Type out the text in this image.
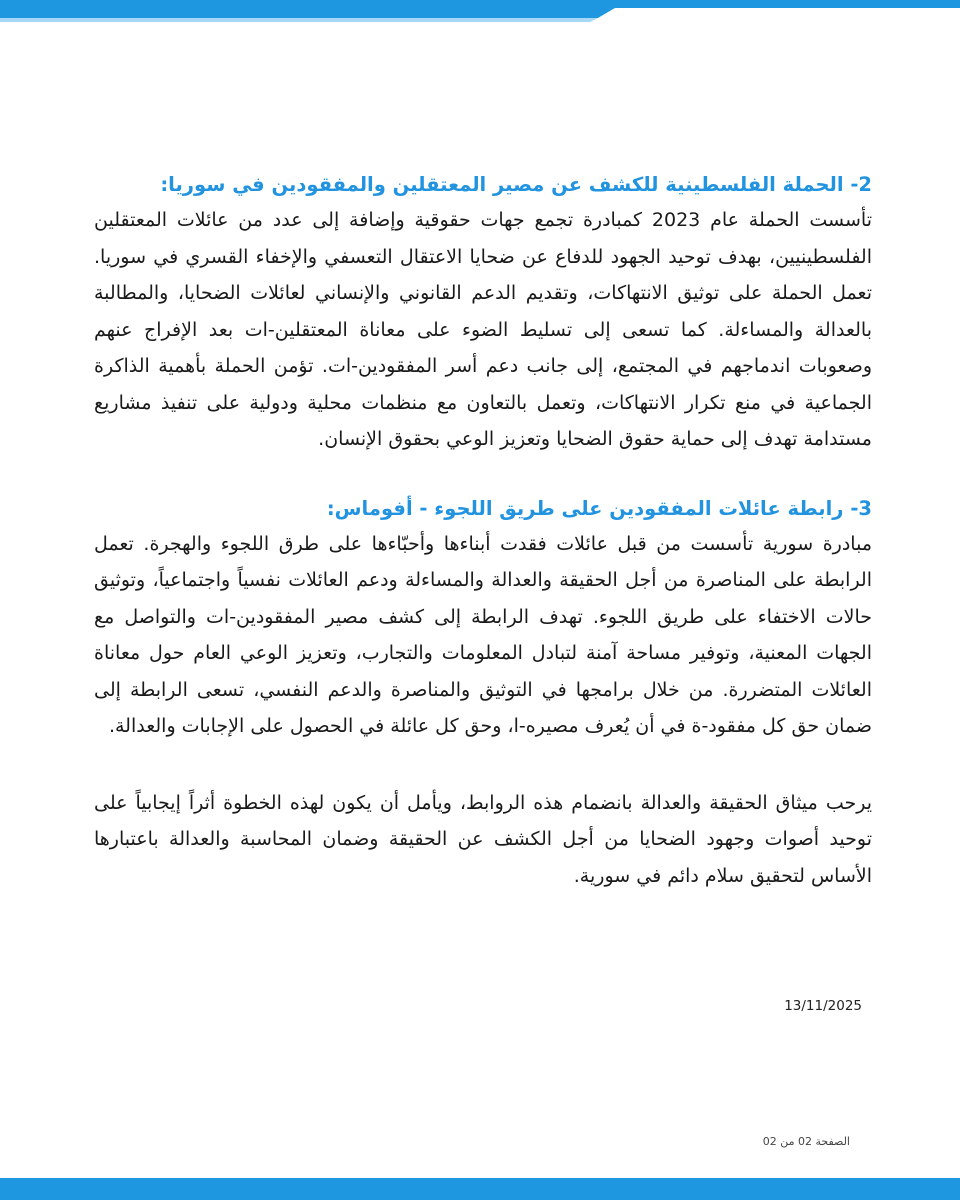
2- الحملة الفلسطينية للكشف عن مصير المعتقلين والمفقودين في سوريا:

تأسست الحملة عام 2023 كمبادرة تجمع جهات حقوقية وإضافة إلى عدد من عائلات المعتقلين الفلسطينيين، بهدف توحيد الجهود للدفاع عن ضحايا الاعتقال التعسفي والإخفاء القسري في سوريا. تعمل الحملة على توثيق الانتهاكات، وتقديم الدعم القانوني والإنساني لعائلات الضحايا، والمطالبة بالعدالة والمساءلة. كما تسعى إلى تسليط الضوء على معاناة المعتقلين-ات بعد الإفراج عنهم وصعوبات اندماجهم في المجتمع، إلى جانب دعم أسر المفقودين-ات. تؤمن الحملة بأهمية الذاكرة الجماعية في منع تكرار الانتهاكات، وتعمل بالتعاون مع منظمات محلية ودولية على تنفيذ مشاريع مستدامة تهدف إلى حماية حقوق الضحايا وتعزيز الوعي بحقوق الإنسان.

3- رابطة عائلات المفقودين على طريق اللجوء - أفوماس:

مبادرة سورية تأسست من قبل عائلات فقدت أبناءها وأحبّاءها على طرق اللجوء والهجرة. تعمل الرابطة على المناصرة من أجل الحقيقة والعدالة والمساءلة ودعم العائلات نفسياً واجتماعياً، وتوثيق حالات الاختفاء على طريق اللجوء. تهدف الرابطة إلى كشف مصير المفقودين-ات والتواصل مع الجهات المعنية، وتوفير مساحة آمنة لتبادل المعلومات والتجارب، وتعزيز الوعي العام حول معاناة العائلات المتضررة. من خلال برامجها في التوثيق والمناصرة والدعم النفسي، تسعى الرابطة إلى ضمان حق كل مفقود-ة في أن يُعرف مصيره-ا، وحق كل عائلة في الحصول على الإجابات والعدالة.

يرحب ميثاق الحقيقة والعدالة بانضمام هذه الروابط، ويأمل أن يكون لهذه الخطوة أثراً إيجابياً على توحيد أصوات وجهود الضحايا من أجل الكشف عن الحقيقة وضمان المحاسبة والعدالة باعتبارها الأساس لتحقيق سلام دائم في سورية.

13/11/2025
الصفحة 02 من 02
